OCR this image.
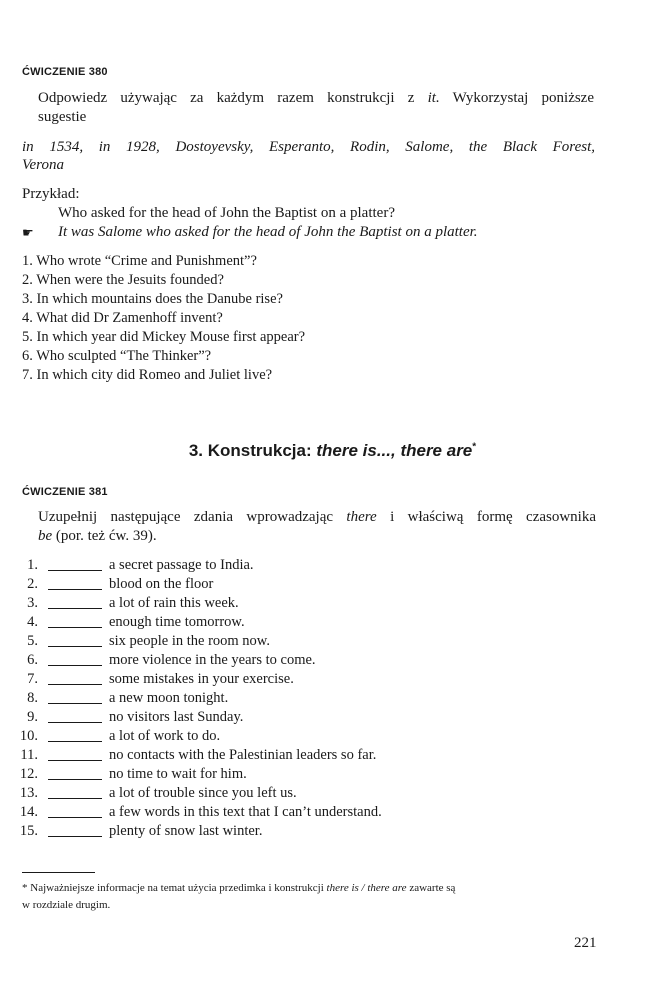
ĆWICZENIE 380
Odpowiedz używając za każdym razem konstrukcji z it. Wykorzystaj poniższe
sugestie
in 1534, in 1928, Dostoyevsky, Esperanto, Rodin, Salome, the Black Forest,
Verona
Przykład:
Who asked for the head of John the Baptist on a platter?
☛ It was Salome who asked for the head of John the Baptist on a platter.
1. Who wrote “Crime and Punishment”?
2. When were the Jesuits founded?
3. In which mountains does the Danube rise?
4. What did Dr Zamenhoff invent?
5. In which year did Mickey Mouse first appear?
6. Who sculpted “The Thinker”?
7. In which city did Romeo and Juliet live?
3. Konstrukcja: there is..., there are*
ĆWICZENIE 381
Uzupełnij następujące zdania wprowadzając there i właściwą formę czasownika
be (por. też ćw. 39).
1.	a secret passage to India.
2.	blood on the floor
3.	a lot of rain this week.
4.	enough time tomorrow.
5.	six people in the room now.
6.	more violence in the years to come.
7.	some mistakes in your exercise.
8.	a new moon tonight.
9.	no visitors last Sunday.
10.	a lot of work to do.
11.	no contacts with the Palestinian leaders so far.
12.	no time to wait for him.
13.	a lot of trouble since you left us.
14.	a few words in this text that I can’t understand.
15.	plenty of snow last winter.
* Najważniejsze informacje na temat użycia przedimka i konstrukcji there is / there are zawarte są
w rozdziale drugim.
221
